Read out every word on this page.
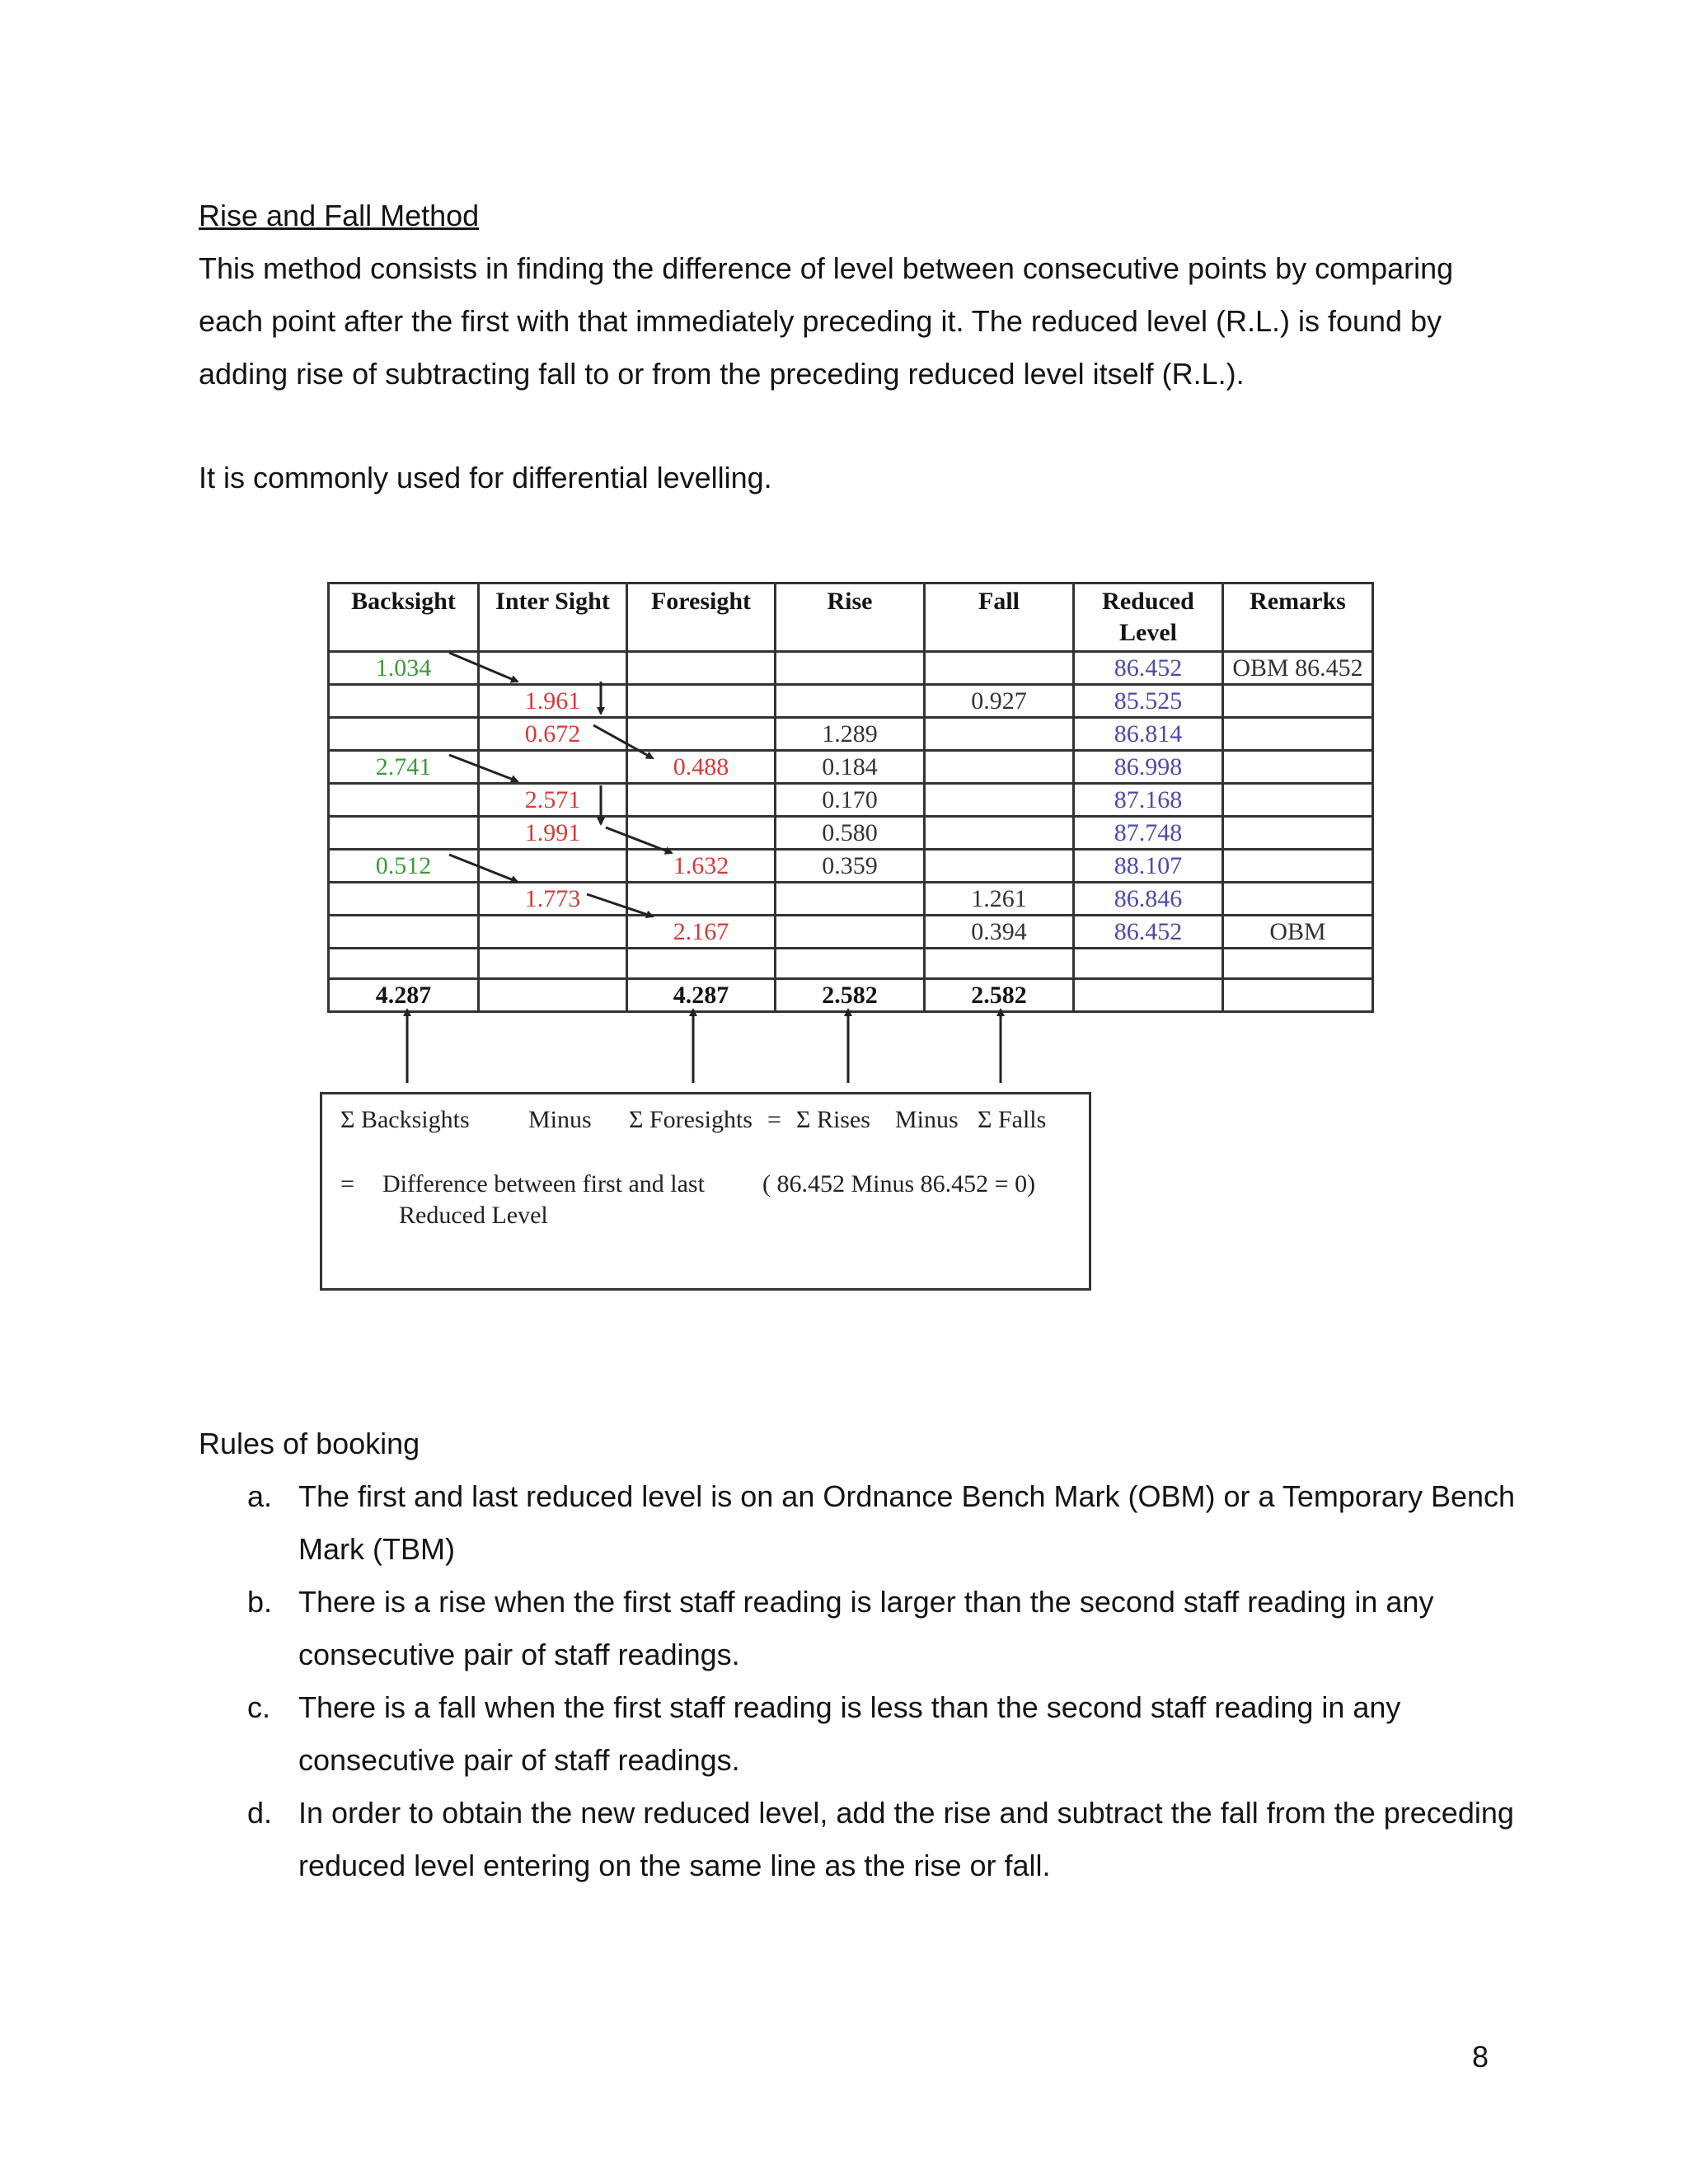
Rise and Fall Method
This method consists in finding the difference of level between consecutive points by comparing each point after the first with that immediately preceding it. The reduced level (R.L.) is found by adding rise of subtracting fall to or from the preceding reduced level itself (R.L.).
It is commonly used for differential levelling.
Backsight	Inter Sight	Foresight	Rise	Fall	Reduced Level	Remarks
1.034					86.452	OBM 86.452
	1.961			0.927	85.525	
	0.672		1.289		86.814	
2.741		0.488	0.184		86.998	
	2.571		0.170		87.168	
	1.991		0.580		87.748	
0.512		1.632	0.359		88.107	
	1.773			1.261	86.846	
		2.167		0.394	86.452	OBM

4.287		4.287	2.582	2.582		
Σ Backsights Minus Σ Foresights = Σ Rises Minus Σ Falls
= Difference between first and last
Reduced Level
( 86.452 Minus 86.452 = 0)
Rules of booking
a. The first and last reduced level is on an Ordnance Bench Mark (OBM) or a Temporary Bench Mark (TBM)
b. There is a rise when the first staff reading is larger than the second staff reading in any consecutive pair of staff readings.
c. There is a fall when the first staff reading is less than the second staff reading in any consecutive pair of staff readings.
d. In order to obtain the new reduced level, add the rise and subtract the fall from the preceding reduced level entering on the same line as the rise or fall.
8
